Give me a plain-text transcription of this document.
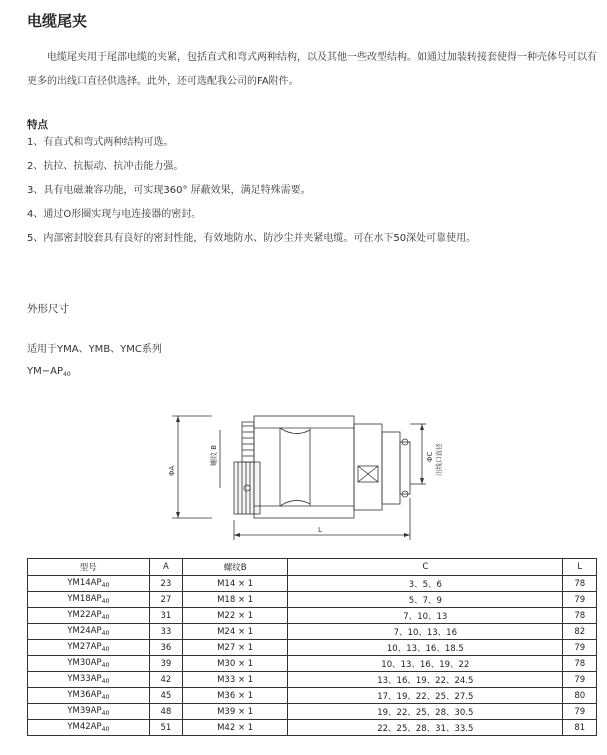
电缆尾夹
电缆尾夹用于尾部电缆的夹紧，包括直式和弯式两种结构，以及其他一些改型结构。如通过加装转接套使得一种壳体号可以有更多的出线口直径供选择。此外，还可选配我公司的FA附件。
特点
1、有直式和弯式两种结构可选。
2、抗拉、抗振动、抗冲击能力强。
3、具有电磁兼容功能，可实现360° 屏蔽效果，满足特殊需要。
4、通过O形圈实现与电连接器的密封。
5、内部密封胶套具有良好的密封性能，有效地防水、防沙尘并夹紧电缆。可在水下50深处可靠使用。
外形尺寸
适用于YMA、YMB、YMC系列
$YM-AP_{40}$
ΦA
螺纹 B	ΦC 出线口直径
L
型号	A	螺纹B	C	L
$YM14AP_{40}$	23	M14 × 1	3、5、6	78
$YM18AP_{40}$	27	M18 × 1	5、7、9	79
$YM22AP_{40}$	31	M22 × 1	7、10、13	78
$YM24AP_{40}$	33	M24 × 1	7、10、13、16	82
$YM27AP_{40}$	36	M27 × 1	10、13、16、18.5	79
$YM30AP_{40}$	39	M30 × 1	10、13、16、19、22	78
$YM33AP_{40}$	42	M33 × 1	13、16、19、22、24.5	79
$YM36AP_{40}$	45	M36 × 1	17、19、22、25、27.5	80
$YM39AP_{40}$	48	M39 × 1	19、22、25、28、30.5	79
$YM42AP_{40}$	51	M42 × 1	22、25、28、31、33.5	81
